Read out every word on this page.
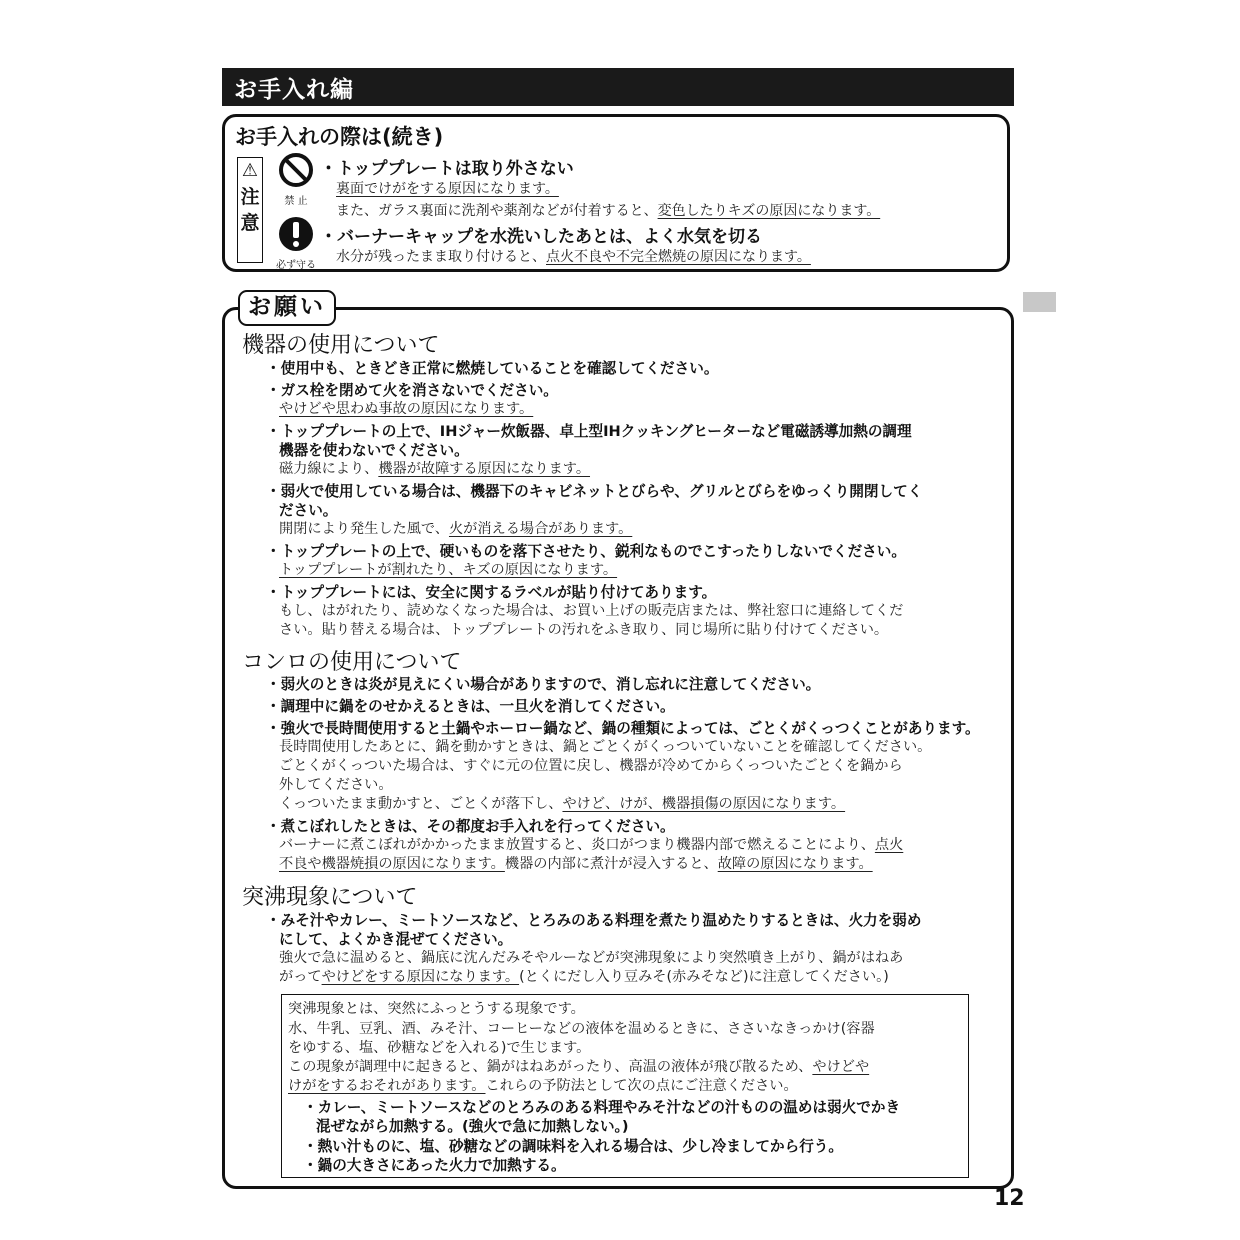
お手入れ編
お手入れの際は(続き)
⚠
注
意
禁 止
必ず守る
・トッププレートは取り外さない
裏面でけがをする原因になります。
また、ガラス裏面に洗剤や薬剤などが付着すると、変色したりキズの原因になります。
・バーナーキャップを水洗いしたあとは、よく水気を切る
水分が残ったまま取り付けると、点火不良や不完全燃焼の原因になります。
お願い
機器の使用について
・使用中も、ときどき正常に燃焼していることを確認してください。
・ガス栓を閉めて火を消さないでください。
やけどや思わぬ事故の原因になります。
・トッププレートの上で、IHジャー炊飯器、卓上型IHクッキングヒーターなど電磁誘導加熱の調理
機器を使わないでください。
磁力線により、機器が故障する原因になります。
・弱火で使用している場合は、機器下のキャビネットとびらや、グリルとびらをゆっくり開閉してく
ださい。
開閉により発生した風で、火が消える場合があります。
・トッププレートの上で、硬いものを落下させたり、鋭利なものでこすったりしないでください。
トッププレートが割れたり、キズの原因になります。
・トッププレートには、安全に関するラベルが貼り付けてあります。
もし、はがれたり、読めなくなった場合は、お買い上げの販売店または、弊社窓口に連絡してくだ
さい。貼り替える場合は、トッププレートの汚れをふき取り、同じ場所に貼り付けてください。
コンロの使用について
・弱火のときは炎が見えにくい場合がありますので、消し忘れに注意してください。
・調理中に鍋をのせかえるときは、一旦火を消してください。
・強火で長時間使用すると土鍋やホーロー鍋など、鍋の種類によっては、ごとくがくっつくことがあります。
長時間使用したあとに、鍋を動かすときは、鍋とごとくがくっついていないことを確認してください。
ごとくがくっついた場合は、すぐに元の位置に戻し、機器が冷めてからくっついたごとくを鍋から
外してください。
くっついたまま動かすと、ごとくが落下し、やけど、けが、機器損傷の原因になります。
・煮こぼれしたときは、その都度お手入れを行ってください。
バーナーに煮こぼれがかかったまま放置すると、炎口がつまり機器内部で燃えることにより、点火
不良や機器焼損の原因になります。機器の内部に煮汁が浸入すると、故障の原因になります。
突沸現象について
・みそ汁やカレー、ミートソースなど、とろみのある料理を煮たり温めたりするときは、火力を弱め
にして、よくかき混ぜてください。
強火で急に温めると、鍋底に沈んだみそやルーなどが突沸現象により突然噴き上がり、鍋がはねあ
がってやけどをする原因になります。(とくにだし入り豆みそ(赤みそなど)に注意してください。)
突沸現象とは、突然にふっとうする現象です。
水、牛乳、豆乳、酒、みそ汁、コーヒーなどの液体を温めるときに、ささいなきっかけ(容器
をゆする、塩、砂糖などを入れる)で生じます。
この現象が調理中に起きると、鍋がはねあがったり、高温の液体が飛び散るため、やけどや
けがをするおそれがあります。これらの予防法として次の点にご注意ください。
・カレー、ミートソースなどのとろみのある料理やみそ汁などの汁ものの温めは弱火でかき
混ぜながら加熱する。(強火で急に加熱しない。)
・熱い汁ものに、塩、砂糖などの調味料を入れる場合は、少し冷ましてから行う。
・鍋の大きさにあった火力で加熱する。
12
